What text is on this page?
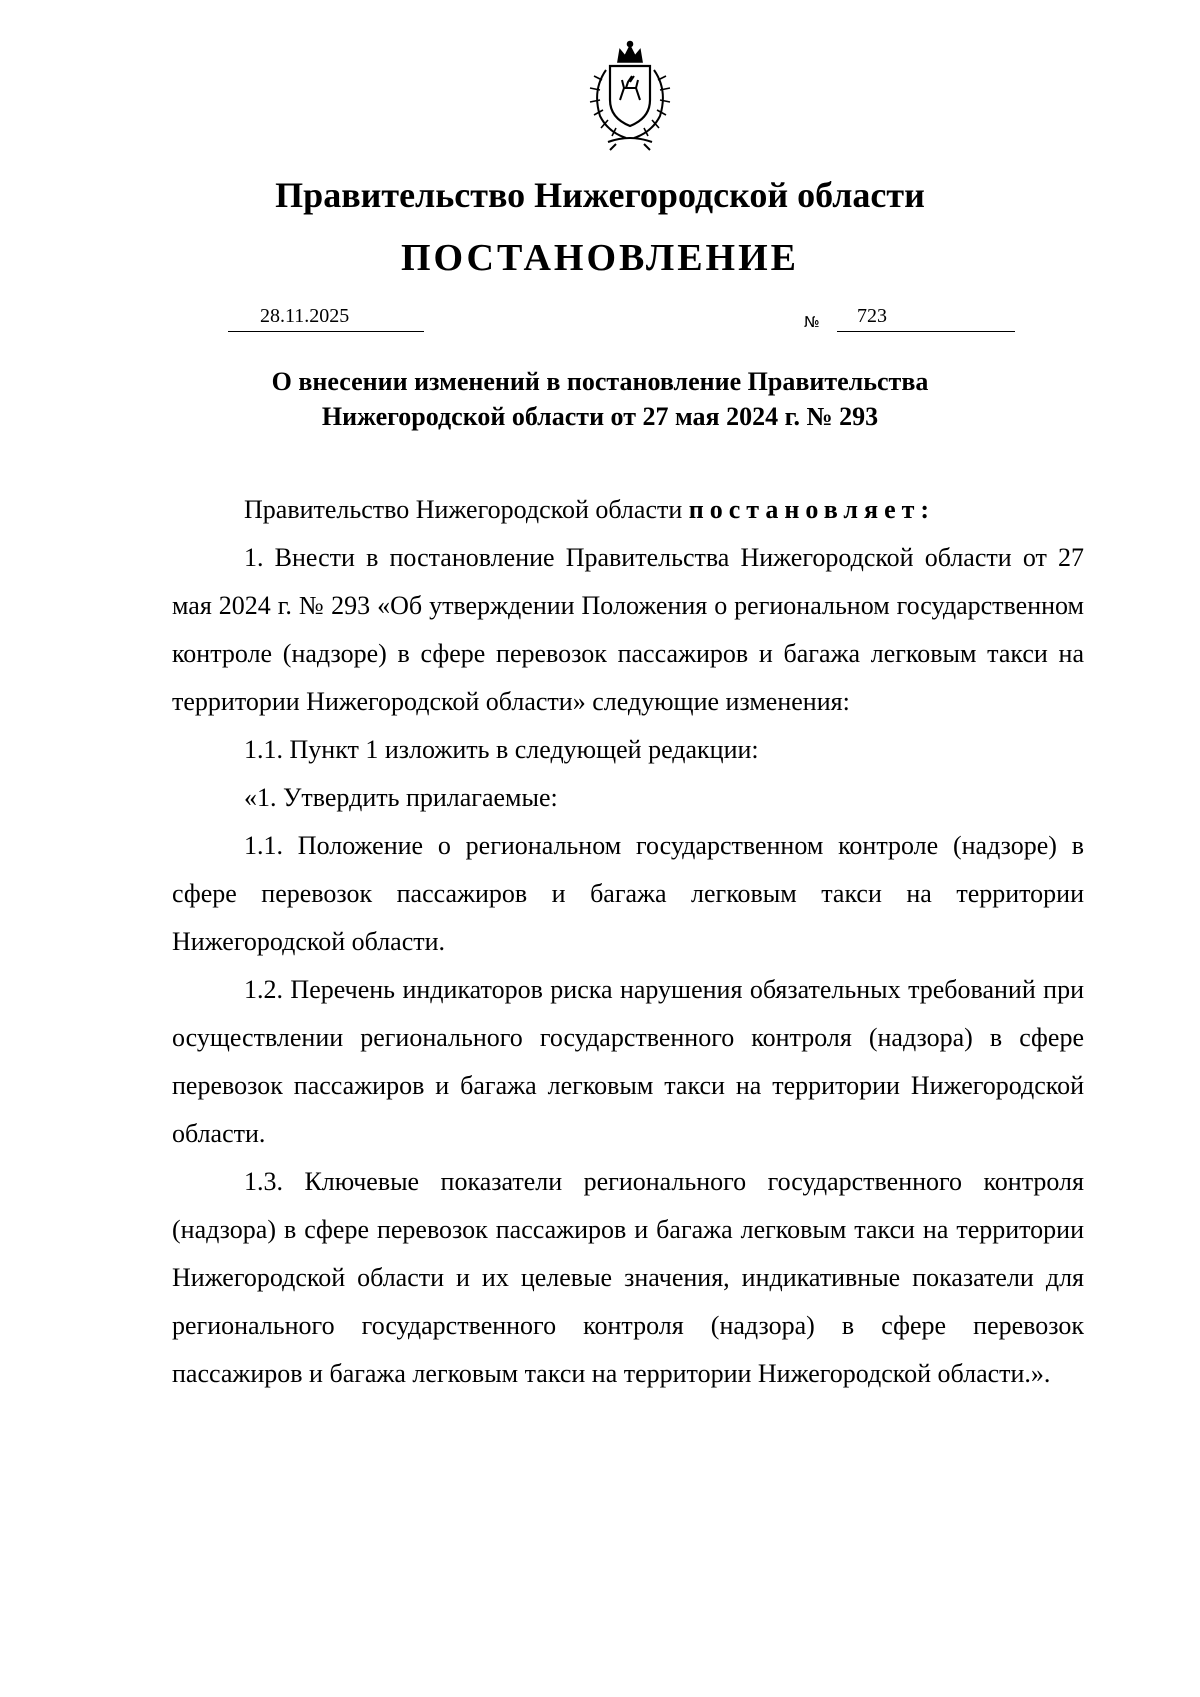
Правительство Нижегородской области
ПОСТАНОВЛЕНИЕ
28.11.2025	№	723
О внесении изменений в постановление Правительства
Нижегородской области от 27 мая 2024 г. № 293

Правительство Нижегородской области постановляет:

1. Внести в постановление Правительства Нижегородской области от 27 мая 2024 г. № 293 «Об утверждении Положения о региональном государственном контроле (надзоре) в сфере перевозок пассажиров и багажа легковым такси на территории Нижегородской области» следующие изменения:

1.1. Пункт 1 изложить в следующей редакции:

«1. Утвердить прилагаемые:

1.1. Положение о региональном государственном контроле (надзоре) в сфере перевозок пассажиров и багажа легковым такси на территории Нижегородской области.

1.2. Перечень индикаторов риска нарушения обязательных требований при осуществлении регионального государственного контроля (надзора) в сфере перевозок пассажиров и багажа легковым такси на территории Нижегородской области.

1.3. Ключевые показатели регионального государственного контроля (надзора) в сфере перевозок пассажиров и багажа легковым такси на территории Нижегородской области и их целевые значения, индикативные показатели для регионального государственного контроля (надзора) в сфере перевозок пассажиров и багажа легковым такси на территории Нижегородской области.».
